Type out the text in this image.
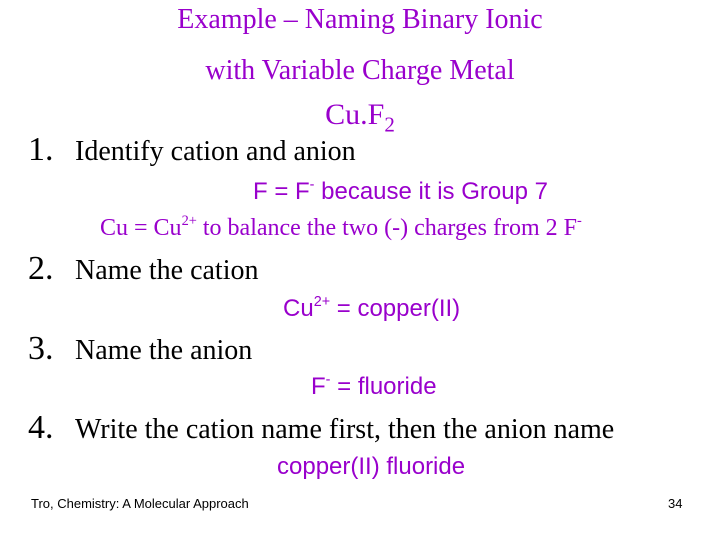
Example – Naming Binary Ionic
with Variable Charge Metal
$Cu.F_2$
1. Identify cation and anion
F = F- because it is Group 7
$Cu = Cu^{2+}$ to balance the two (-) charges from 2 F-
2. Name the cation
$Cu^{2+}$ = copper(II)
3. Name the anion
F- = fluoride
4. Write the cation name first, then the anion name
copper(II) fluoride
Tro, Chemistry: A Molecular Approach	34
